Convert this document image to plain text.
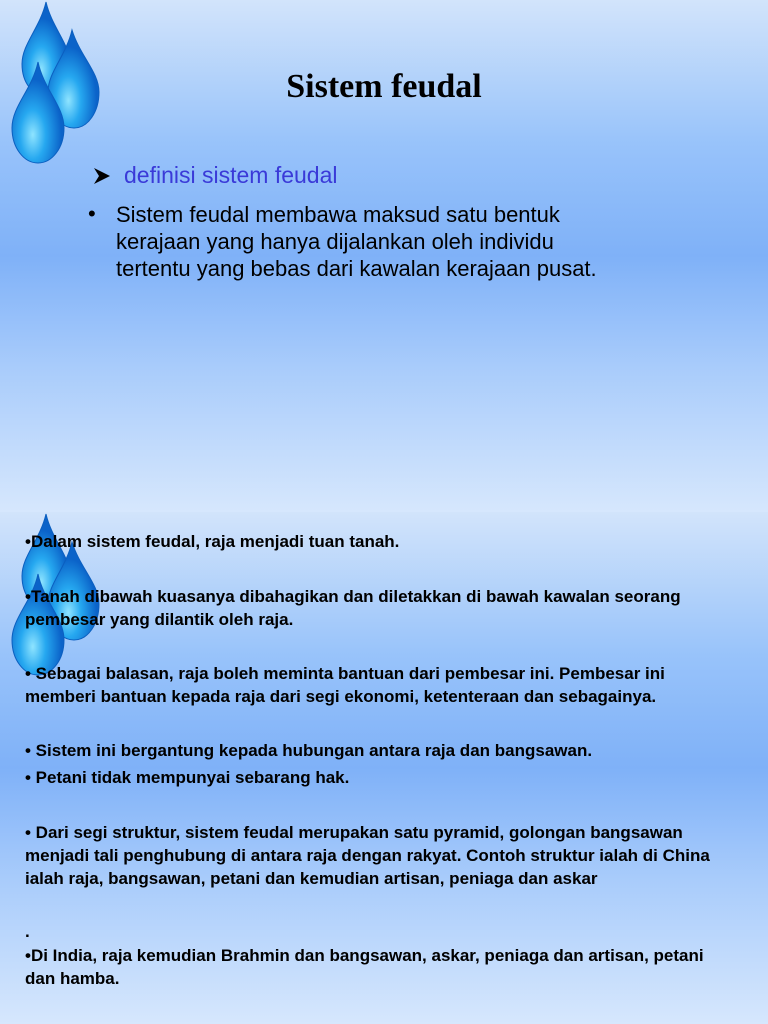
Sistem feudal
definisi sistem feudal
• Sistem feudal membawa maksud satu bentuk kerajaan yang hanya dijalankan oleh individu tertentu yang bebas dari kawalan kerajaan pusat.

•Dalam sistem feudal, raja menjadi tuan tanah.

•Tanah dibawah kuasanya dibahagikan dan diletakkan di bawah kawalan seorang pembesar yang dilantik oleh raja.

• Sebagai balasan, raja boleh meminta bantuan dari pembesar ini. Pembesar ini memberi bantuan kepada raja dari segi ekonomi, ketenteraan dan sebagainya.

• Sistem ini bergantung kepada hubungan antara raja dan bangsawan.

• Petani tidak mempunyai sebarang hak.

• Dari segi struktur, sistem feudal merupakan satu pyramid, golongan bangsawan menjadi tali penghubung di antara raja dengan rakyat. Contoh struktur ialah di China ialah raja, bangsawan, petani dan kemudian artisan, peniaga dan askar

.

•Di India, raja kemudian Brahmin dan bangsawan, askar, peniaga dan artisan, petani dan hamba.
